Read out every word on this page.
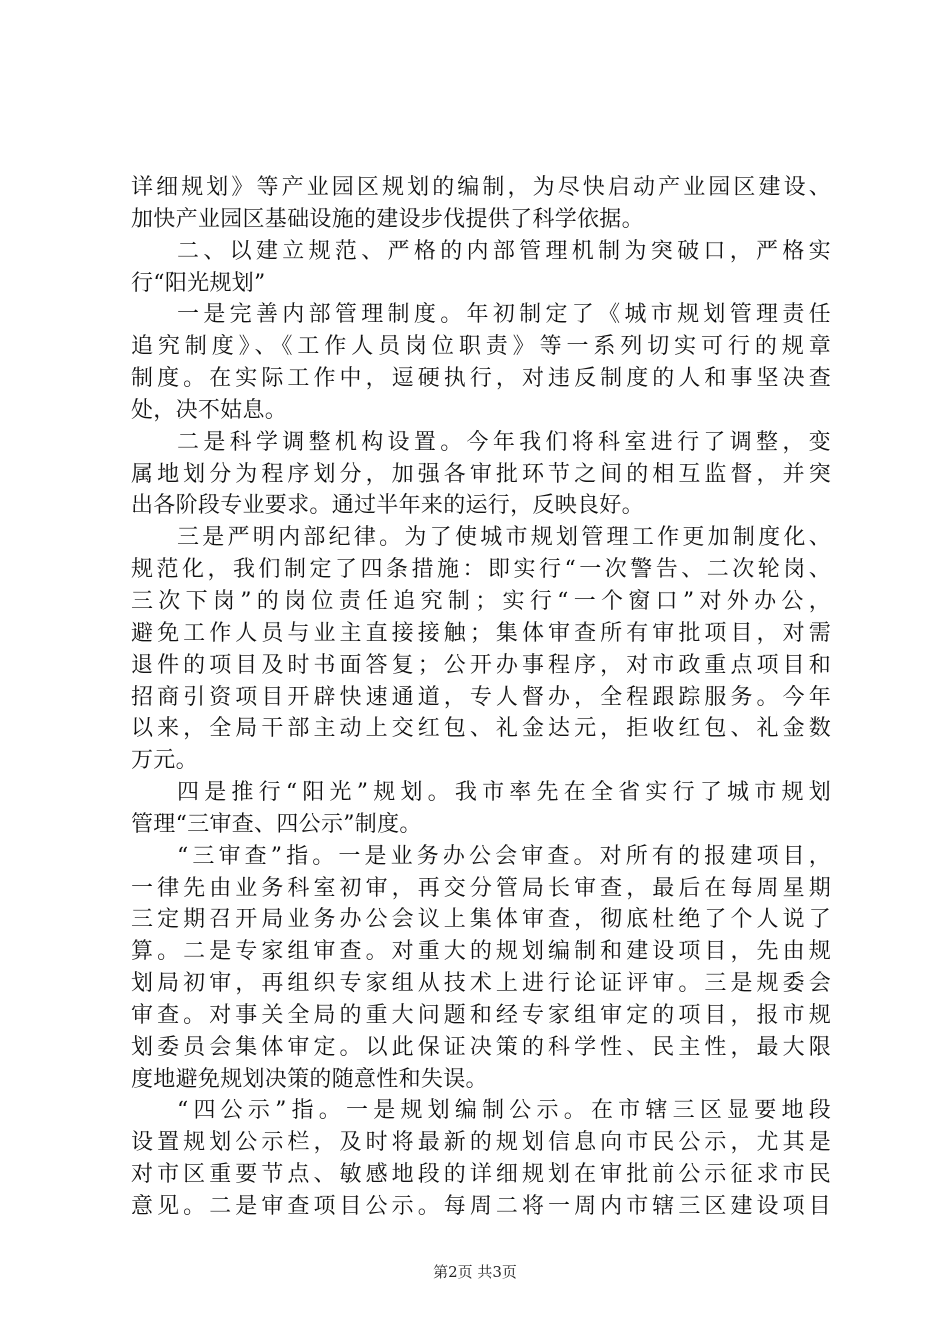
详细规划》等产业园区规划的编制，为尽快启动产业园区建设、
加快产业园区基础设施的建设步伐提供了科学依据。
二、以建立规范、严格的内部管理机制为突破口，严格实
行“阳光规划”
一是完善内部管理制度。年初制定了《城市规划管理责任
追究制度》、《工作人员岗位职责》等一系列切实可行的规章
制度。在实际工作中，逗硬执行，对违反制度的人和事坚决查
处，决不姑息。
二是科学调整机构设置。今年我们将科室进行了调整，变
属地划分为程序划分，加强各审批环节之间的相互监督，并突
出各阶段专业要求。通过半年来的运行，反映良好。
三是严明内部纪律。为了使城市规划管理工作更加制度化、
规范化，我们制定了四条措施：即实行“一次警告、二次轮岗、
三次下岗”的岗位责任追究制；实行“一个窗口”对外办公，
避免工作人员与业主直接接触；集体审查所有审批项目，对需
退件的项目及时书面答复；公开办事程序，对市政重点项目和
招商引资项目开辟快速通道，专人督办，全程跟踪服务。今年
以来，全局干部主动上交红包、礼金达元，拒收红包、礼金数
万元。
四是推行“阳光”规划。我市率先在全省实行了城市规划
管理“三审查、四公示”制度。
“三审查”指。一是业务办公会审查。对所有的报建项目，
一律先由业务科室初审，再交分管局长审查，最后在每周星期
三定期召开局业务办公会议上集体审查，彻底杜绝了个人说了
算。二是专家组审查。对重大的规划编制和建设项目，先由规
划局初审，再组织专家组从技术上进行论证评审。三是规委会
审查。对事关全局的重大问题和经专家组审定的项目，报市规
划委员会集体审定。以此保证决策的科学性、民主性，最大限
度地避免规划决策的随意性和失误。
“四公示”指。一是规划编制公示。在市辖三区显要地段
设置规划公示栏，及时将最新的规划信息向市民公示，尤其是
对市区重要节点、敏感地段的详细规划在审批前公示征求市民
意见。二是审查项目公示。每周二将一周内市辖三区建设项目
第2页 共3页
